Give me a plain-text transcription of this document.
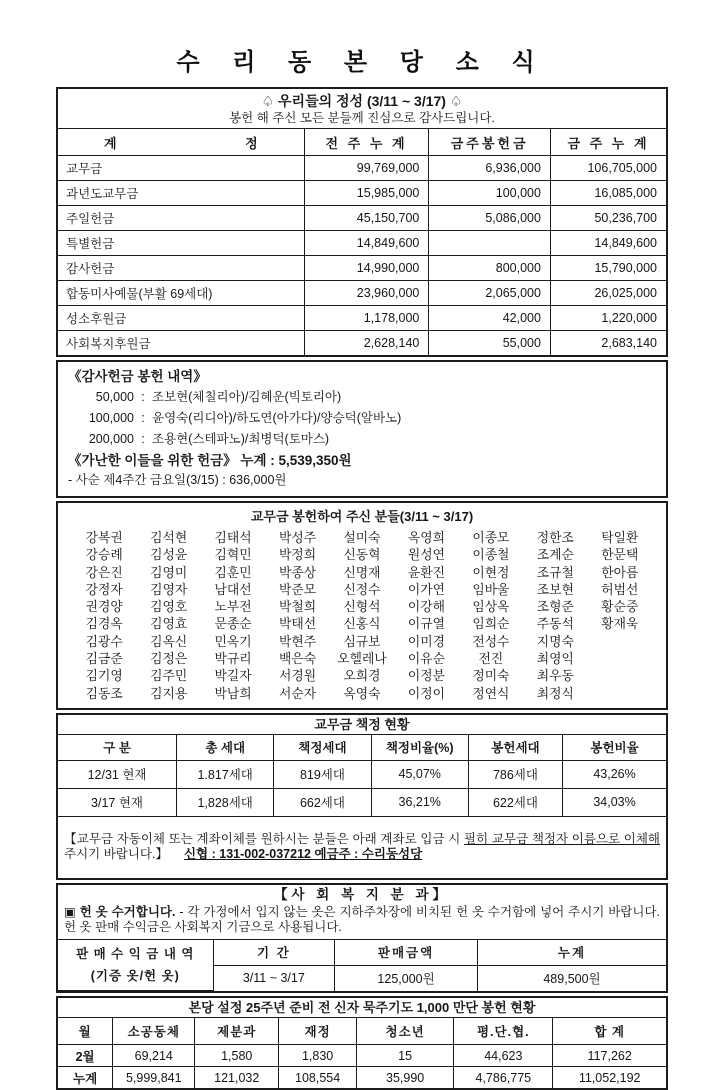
수 리 동 본 당 소 식
♤ 우리들의 정성 (3/11 ~ 3/17) ♤
봉헌 해 주신 모든 분들께 진심으로 감사드립니다.
계 정	전 주 누 계	금주봉헌금	금 주 누 계
교무금	99,769,000	6,936,000	106,705,000
과년도교무금	15,985,000	100,000	16,085,000
주일헌금	45,150,700	5,086,000	50,236,700
특별헌금	14,849,600		14,849,600
감사헌금	14,990,000	800,000	15,790,000
합동미사예물(부활 69세대)	23,960,000	2,065,000	26,025,000
성소후원금	1,178,000	42,000	1,220,000
사회복지후원금	2,628,140	55,000	2,683,140
《감사헌금 봉헌 내역》
50,000 : 조보현(체칠리아)/김혜운(빅토리아)
100,000 : 윤영숙(리디아)/하도연(아가다)/양승덕(알바노)
200,000 : 조용현(스테파노)/최병덕(토마스)
《가난한 이들을 위한 헌금》 누계 : 5,539,350원
- 사순 제4주간 금요일(3/15) : 636,000원
교무금 봉헌하여 주신 분들(3/11 ~ 3/17)
강복권	김석현	김태석	박성주	설미숙	옥영희	이종모	정한조	탁일환
강승례	김성윤	김혁민	박정희	신동혁	원성연	이종철	조계순	한문택
강은진	김영미	김훈민	박종상	신명재	윤환진	이현정	조규철	한아름
강정자	김영자	남대선	박준모	신정수	이가연	임바울	조보현	허범선
권경양	김영호	노부전	박철희	신형석	이강해	임상옥	조형준	황순중
김경옥	김영효	문종순	박태선	신홍식	이규열	임희순	주동석	황재욱
김광수	김옥신	민옥기	박현주	심규보	이미경	전성수	지명숙
김금준	김정은	박규리	백은숙	오헬레나	이유순	전진	최영익
김기영	김주민	박길자	서경원	오희경	이정분	정미숙	최우동
김동조	김지용	박남희	서순자	옥영숙	이정이	정연식	최정식
교무금 책정 현황
구 분	총 세대	책정세대	책정비율(%)	봉헌세대	봉헌비율
12/31 현재	1.817세대	819세대	45,07%	786세대	43,26%
3/17 현재	1,828세대	662세대	36,21%	622세대	34,03%

【교무금 자동이체 또는 계좌이체를 원하시는 분들은 아래 계좌로 입금 시 필히 교무금 책정자 이름으로 이체해 주시기 바랍니다.】 신협 : 131-002-037212 예금주 : 수리동성당

【사 회 복 지 분 과】

▣ 헌 옷 수거합니다. - 각 가정에서 입지 않는 옷은 지하주차장에 비치된 헌 옷 수거함에 넣어 주시기 바랍니다. 헌 옷 판매 수익금은 사회복지 기금으로 사용됩니다.

판 매 수 익 금 내 역
(기증 옷/헌 옷)	기 간	판매금액	누계
	3/11 ~ 3/17	125,000원	489,500원
본당 설정 25주년 준비 전 신자 묵주기도 1,000 만단 봉헌 현황
월	소공동체	제분과	재정	청소년	평.단.협.	합 계
2월	69,214	1,580	1,830	15	44,623	117,262
누계	5,999,841	121,032	108,554	35,990	4,786,775	11,052,192
